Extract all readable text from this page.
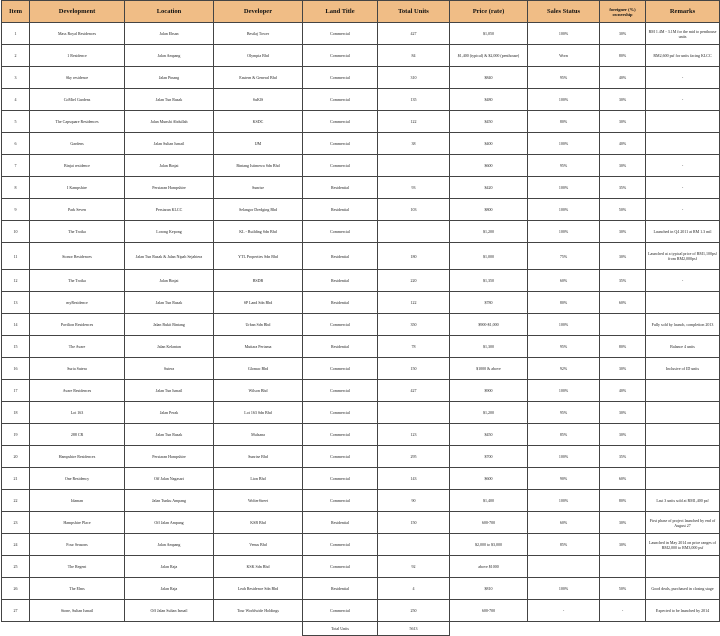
Item	Development	Location	Developer	Land Title	Total Units	Price (rate)	Sales Status	foreigner (%) ownership	Remarks
1	Mass Royal Residences	Jalan Ehsan	Bestlaj Tower	Commercial	427	$1,050	100%	30%	RM 1.4M - 3.1M for the mid to penthouse units
2	1 Residence	Jalan Ampang	Olympia Bhd	Commercial	84	$1,400 (typical) & $2,000 (penthouse)	Worn	80%	RM2,600 psf for units facing KLCC
3	Sky residence	Jalan Pinang	Eastern & General Bhd	Commercial	310	$840	95%	40%	-
4	CoMiel Gardens	Jalan Tun Razak	SuKlS	Commercial	135	$480	100%	30%	-
5	The Capsquare Residences	Jalan Munshi Abdullah	KSDC	Commercial	122	$450	80%	30%	
6	Gardens	Jalan Sultan Ismail	IJM	Commercial	38	$400	100%	40%	
7	Binjai residence	Jalan Binjai	Bintang Istimewa Sdn Bhd	Commercial		$600	95%	30%	-
8	I Kampshire	Persiaran Hampshire	Sunrise	Residential	93	$420	100%	35%	-
9	Park Seven	Persiaran KLCC	Selangor Dredging Bhd	Residential	103	$800	100%	50%	-
10	The Troika	Lorong Kepong	KL - Building Sdn Bhd	Commercial		$1,200	100%	30%	Launched in Q4 2011 at RM 1.3 mil
11	Stonor Residences	Jalan Tun Razak & Jalan Nipah Sejahtera	YTL Properties Sdn Bhd	Residential	180	$1,000	75%	30%	Launched at a typical price of RM1,100psf from RM2,000psf
12	The Troika	Jalan Binjai	BSDB	Residential	220	$1,350	60%	35%	-
13	myResidence	Jalan Tun Razak	SP Land Sdn Bhd	Residential	122	$780	80%	60%	
14	Pavilion Residences	Jalan Bukit Bintang	Urban Sdn Bhd	Commercial	350	$900-$1,000	100%		Fully sold by launch, completion 2013
15	The Avare	Jalan Kelantan	Mutiara Pertama	Residential	78	$1,300	95%	80%	Balance 4 units
16	Suria Sutera	Sutera	Glomac Bhd	Commercial	150	$1000 & above	92%	30%	Inclusive of ID units
17	Avare Residences	Jalan Tun Ismail	Wilson Bhd	Commercial	427	$900	100%	40%	
18	Lot 163	Jalan Perak	Lot 163 Sdn Bhd	Commercial		$1,200	95%	30%	
19	288 CR	Jalan Tun Razak	Mulsana	Commercial	123	$450	85%	30%	
20	Hampshire Residences	Persiaran Hampshire	Sunrise Bhd	Commercial	295	$700	100%	35%	
21	One Residency	Off Jalan Nagasari	Lion Bhd	Commercial	143	$600	90%	60%	
22	Idaman	Jalan Tunku Ampang	WolterStreet	Commercial	90	$1,400	100%	80%	Last 3 units sold at RM1,400 psf
23	Hampshire Place	Off Jalan Ampang	KSB Bhd	Residential	150	600-700	60%	30%	First phase of project launched by end of August 27
24	Four Seasons	Jalan Ampang	Venus Bhd	Commercial		$2,000 to $3,000	85%	30%	Launched in May 2014 on price ranges of RM2,000 to RM3,000 psf
25	The Regent	Jalan Raja	KSK Sdn Bhd	Commercial	92	above $1000			
26	The Elms	Jalan Raja	Leah Residence Sdn Bhd	Residential	4	$810	100%	50%	Good deals, purchased in closing stage
27	Stone, Sultan Ismail	Off Jalan Sultan Ismail	Tour Worldwide Holdings	Commercial	250	600-700	-	-	Expected to be launched by 2014
				Total Units	5613				
